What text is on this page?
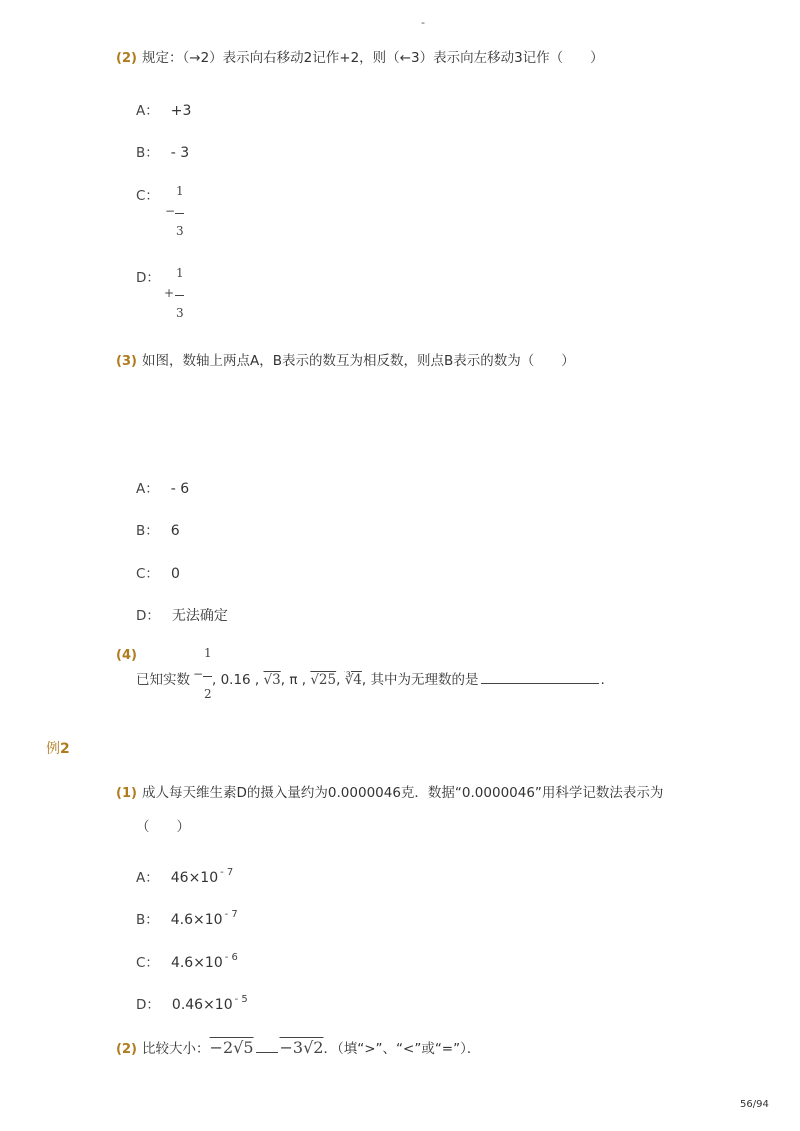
-
(2) 规定：（→2）表示向右移动2记作+2，则（←3）表示向左移动3记作（　　）
A： +3
B： - 3
C： 1
−
3
D： 1
+
3
(3) 如图，数轴上两点A，B表示的数互为相反数，则点B表示的数为（　　）
A： - 6
B： 6
C： 0
D： 无法确定
(4)	1
−
2
已知实数 , 0.16 , √3, π , √25, ∛4, 其中为无理数的是	.
例2
(1) 成人每天维生素D的摄入量约为0.0000046克．数据“0.0000046”用科学记数法表示为
（　　）
A： 46×10 $^{- 7}$
B： 4.6×10 $^{- 7}$
C： 4.6×10 $^{- 6}$
D： 0.46×10 $^{- 5}$
(2) 比较大小：−2√5 −3√2．（填“>”、“<”或“=”）．
56/94
